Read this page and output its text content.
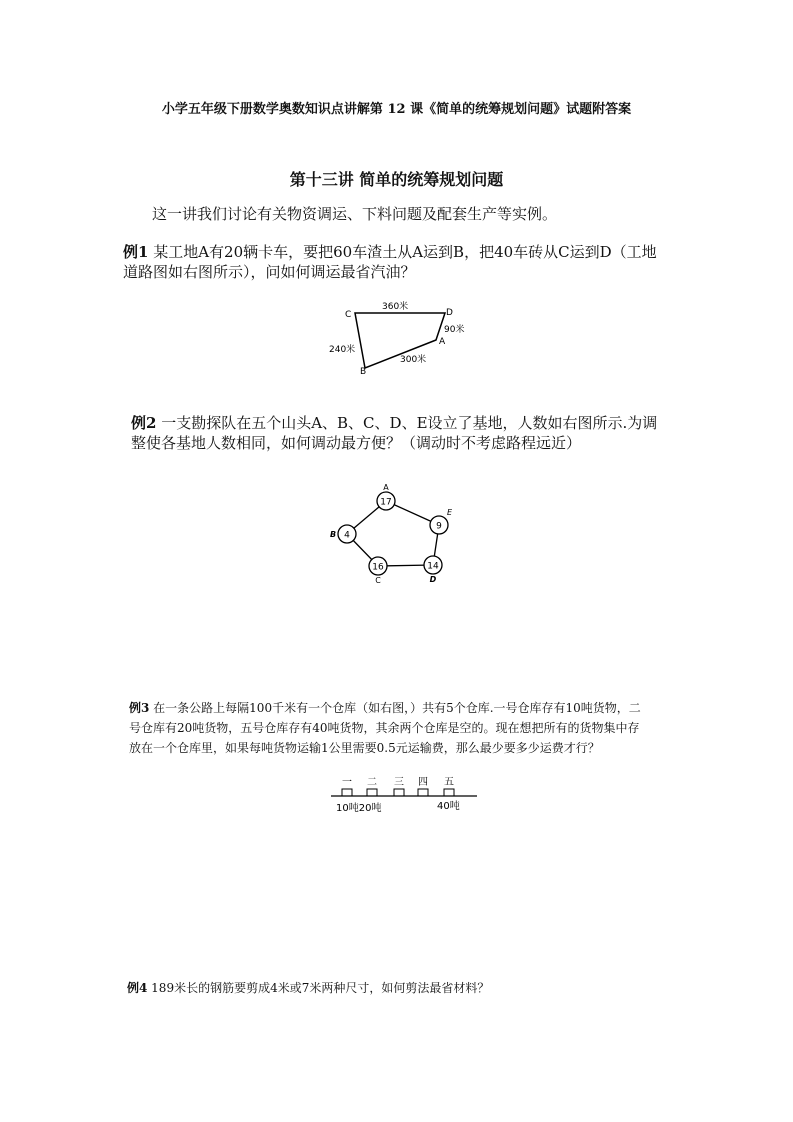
小学五年级下册数学奥数知识点讲解第 12 课《简单的统筹规划问题》试题附答案
第十三讲 简单的统筹规划问题
这一讲我们讨论有关物资调运、下料问题及配套生产等实例。
例1 某工地A有20辆卡车，要把60车渣土从A运到B，把40车砖从C运到D（工地
道路图如右图所示），问如何调运最省汽油？
C	D
A
B
360米
90米
240米
300米
例2 一支勘探队在五个山头A、B、C、D、E设立了基地，人数如右图所示.为调
整使各基地人数相同，如何调动最方便？（调动时不考虑路程远近）
17
A
9
E
4
B
16
C
14
D
例3 在一条公路上每隔100千米有一个仓库（如右图，）共有5个仓库.一号仓库存有10吨货物，二
号仓库有20吨货物，五号仓库存有40吨货物，其余两个仓库是空的。现在想把所有的货物集中存
放在一个仓库里，如果每吨货物运输1公里需要0.5元运输费，那么最少要多少运费才行？
一 二 三 四 五
10吨20吨	40吨
例4 189米长的钢筋要剪成4米或7米两种尺寸，如何剪法最省材料？
